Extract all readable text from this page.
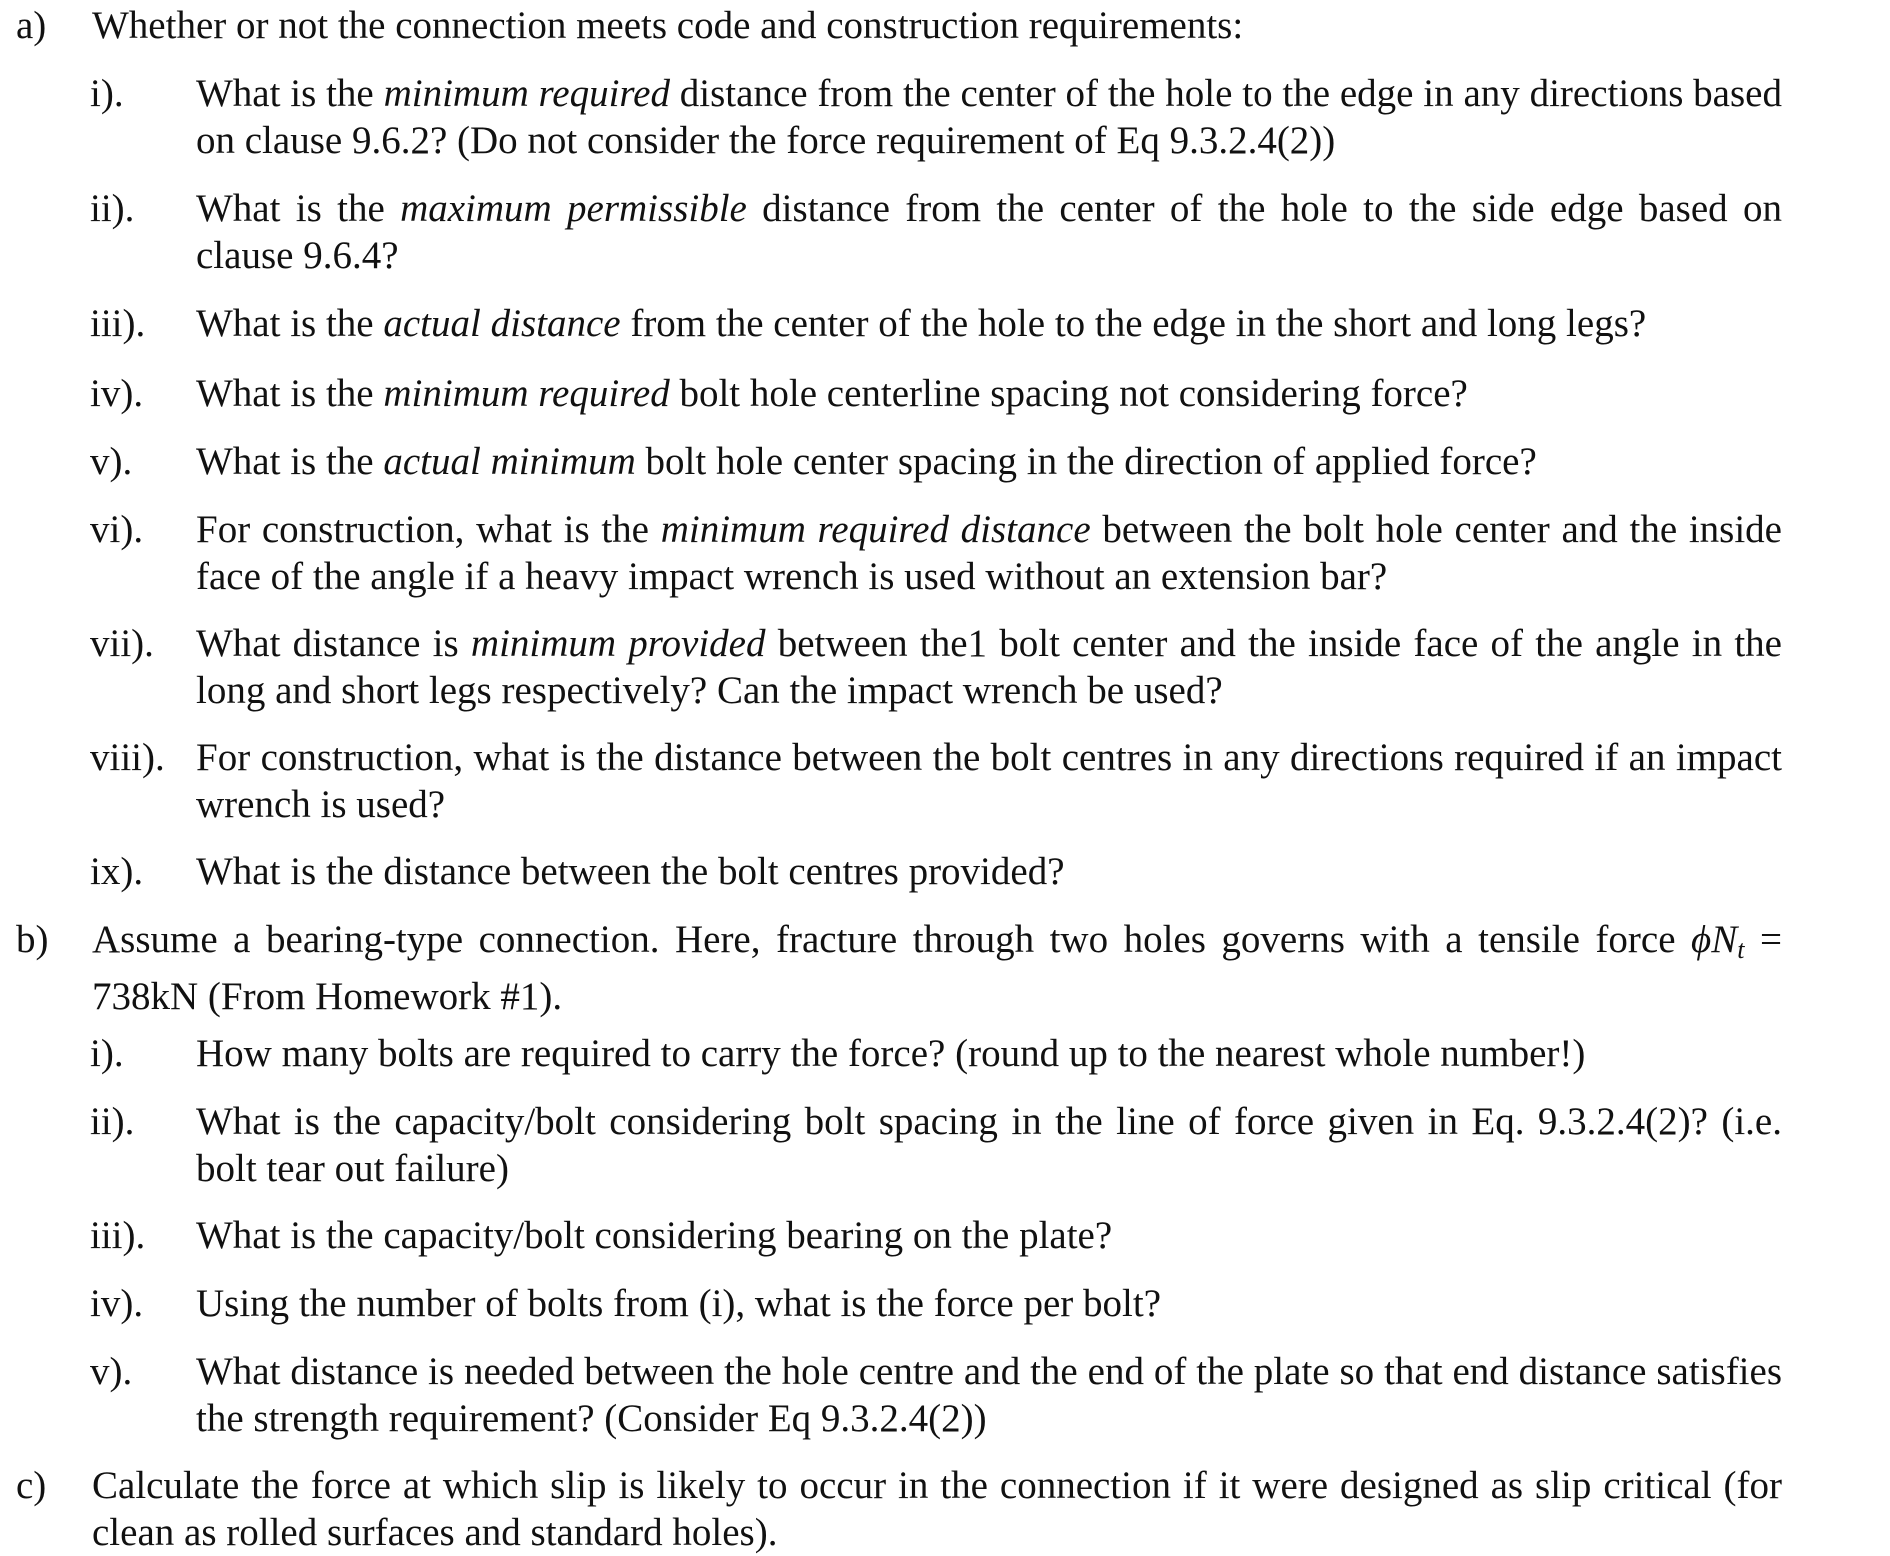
a) Whether or not the connection meets code and construction requirements:
i). What is the minimum required distance from the center of the hole to the edge in any directions based on clause 9.6.2? (Do not consider the force requirement of Eq 9.3.2.4(2))
ii). What is the maximum permissible distance from the center of the hole to the side edge based on clause 9.6.4?
iii). What is the actual distance from the center of the hole to the edge in the short and long legs?
iv). What is the minimum required bolt hole centerline spacing not considering force?
v). What is the actual minimum bolt hole center spacing in the direction of applied force?
vi). For construction, what is the minimum required distance between the bolt hole center and the inside face of the angle if a heavy impact wrench is used without an extension bar?
vii). What distance is minimum provided between the1 bolt center and the inside face of the angle in the long and short legs respectively? Can the impact wrench be used?
viii). For construction, what is the distance between the bolt centres in any directions required if an impact wrench is used?
ix). What is the distance between the bolt centres provided?
b) Assume a bearing-type connection. Here, fracture through two holes governs with a tensile force $\phi N_t = 738kN$ (From Homework #1).
i). How many bolts are required to carry the force? (round up to the nearest whole number!)
ii). What is the capacity/bolt considering bolt spacing in the line of force given in Eq. 9.3.2.4(2)? (i.e. bolt tear out failure)
iii). What is the capacity/bolt considering bearing on the plate?
iv). Using the number of bolts from (i), what is the force per bolt?
v). What distance is needed between the hole centre and the end of the plate so that end distance satisfies the strength requirement? (Consider Eq 9.3.2.4(2))
c) Calculate the force at which slip is likely to occur in the connection if it were designed as slip critical (for clean as rolled surfaces and standard holes).
